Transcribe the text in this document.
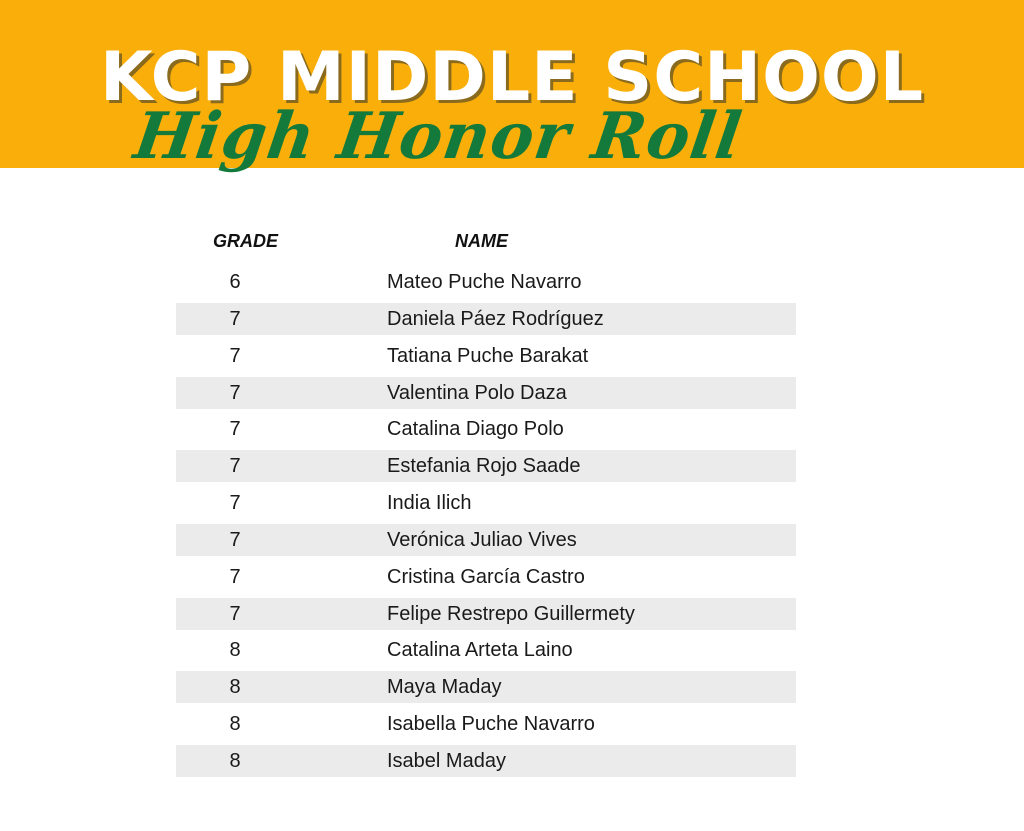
KCP MIDDLE SCHOOL
High Honor Roll
GRADE	NAME
6	Mateo Puche Navarro
7	Daniela Páez Rodríguez
7	Tatiana Puche Barakat
7	Valentina Polo Daza
7	Catalina Diago Polo
7	Estefania Rojo Saade
7	India Ilich
7	Verónica Juliao Vives
7	Cristina García Castro
7	Felipe Restrepo Guillermety
8	Catalina Arteta Laino
8	Maya Maday
8	Isabella Puche Navarro
8	Isabel Maday
